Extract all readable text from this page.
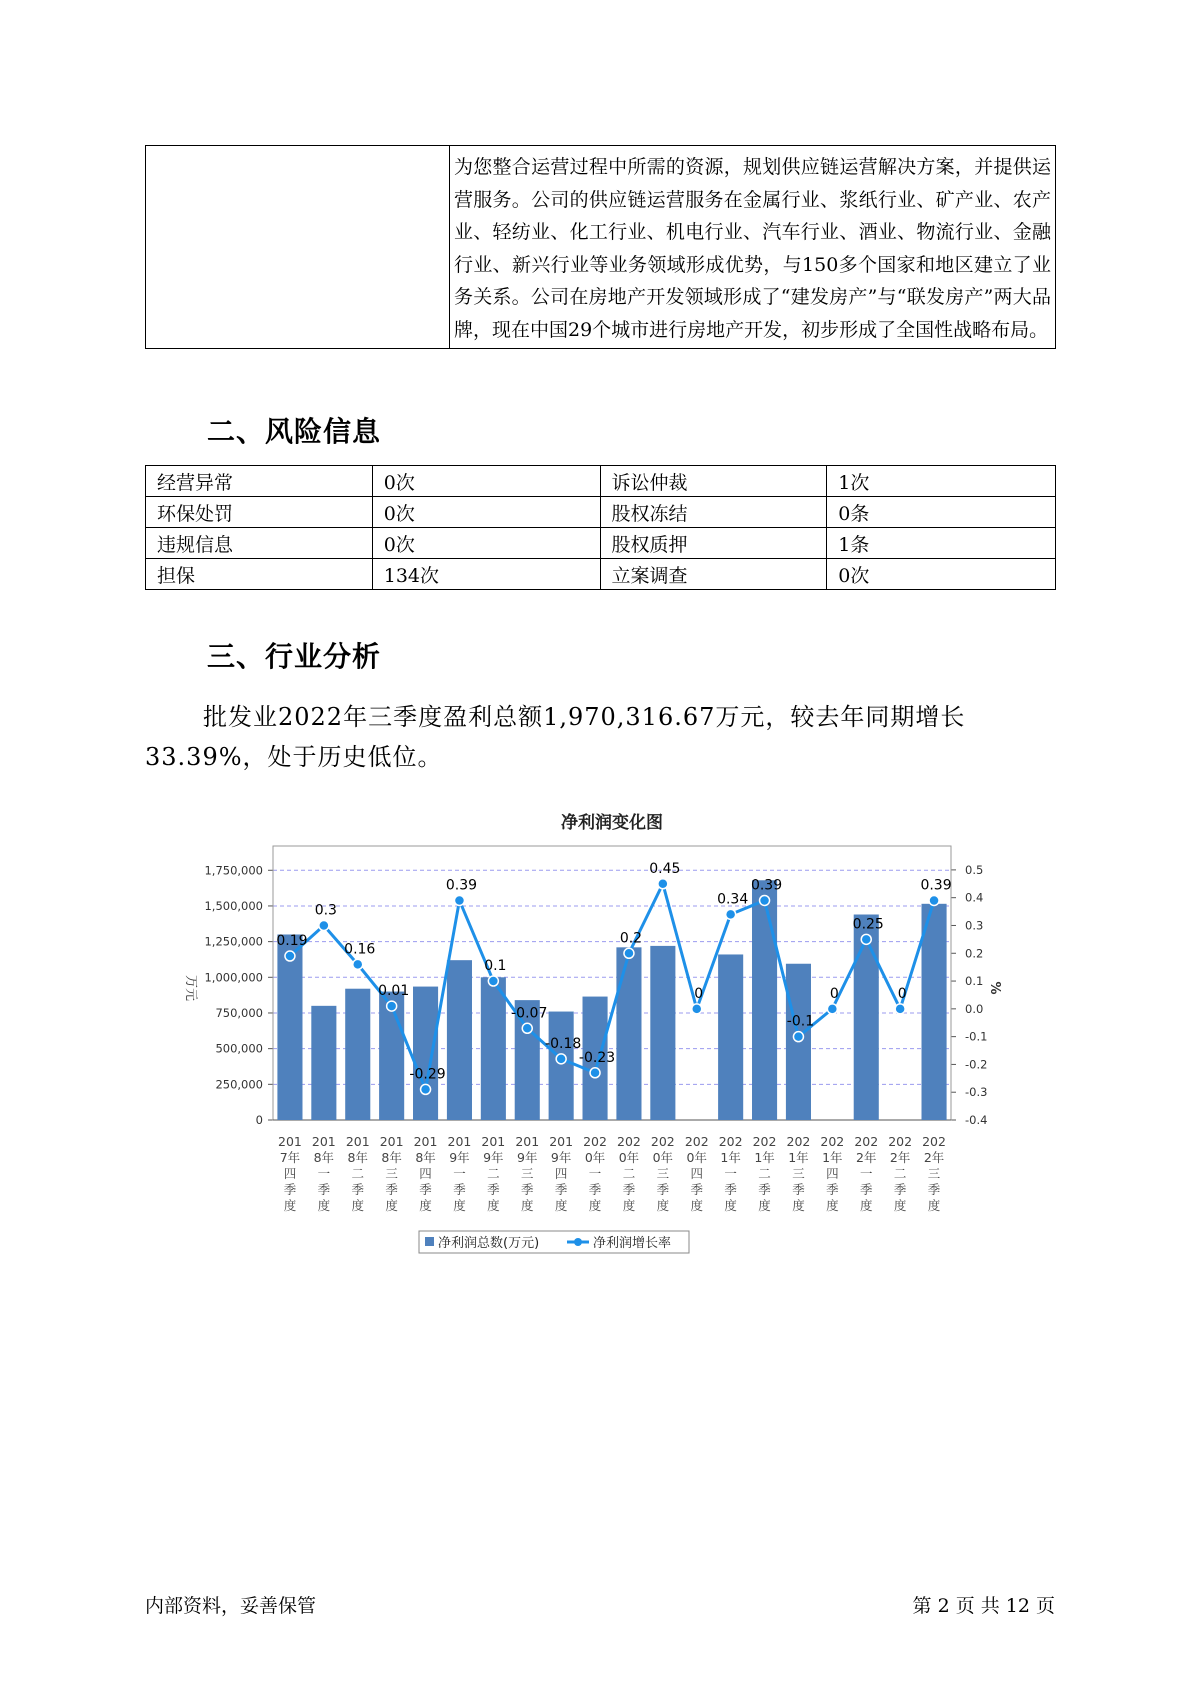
	为您整合运营过程中所需的资源，规划供应链运营解决方案，并提供运营服务。公司的供应链运营服务在金属行业、浆纸行业、矿产业、农产业、轻纺业、化工行业、机电行业、汽车行业、酒业、物流行业、金融行业、新兴行业等业务领域形成优势，与150多个国家和地区建立了业务关系。公司在房地产开发领域形成了“建发房产”与“联发房产”两大品牌，现在中国29个城市进行房地产开发，初步形成了全国性战略布局。
二、风险信息
经营异常	0次	诉讼仲裁	1次
环保处罚	0次	股权冻结	0条
违规信息	0次	股权质押	1条
担保	134次	立案调查	0次
三、行业分析
批发业2022年三季度盈利总额1,970,316.67万元，较去年同期增长33.39%，处于历史低位。
净利润变化图
0
250,000
500,000
750,000
1,000,000
1,250,000
1,500,000
1,750,000
-0.4
-0.3
-0.2
-0.1
0.0
0.1
0.2
0.3
0.4
0.5
万元	%
0.19
0.3
0.16
0.01
-0.29
0.39
0.1
-0.07
-0.18
-0.23
0.2
0.45
0
0.34
0.39
-0.1
0
0.25
0
0.39
201 7年四季度
201 8年一季度
201 8年二季度
201 8年三季度
201 8年四季度
201 9年一季度
201 9年二季度
201 9年三季度
201 9年四季度
202 0年一季度
202 0年二季度
202 0年三季度
202 0年四季度
202 1年一季度
202 1年二季度
202 1年三季度
202 1年四季度
202 2年一季度
202 2年二季度
202 2年三季度
净利润总数(万元)	净利润增长率
内部资料，妥善保管	第 2 页 共 12 页
